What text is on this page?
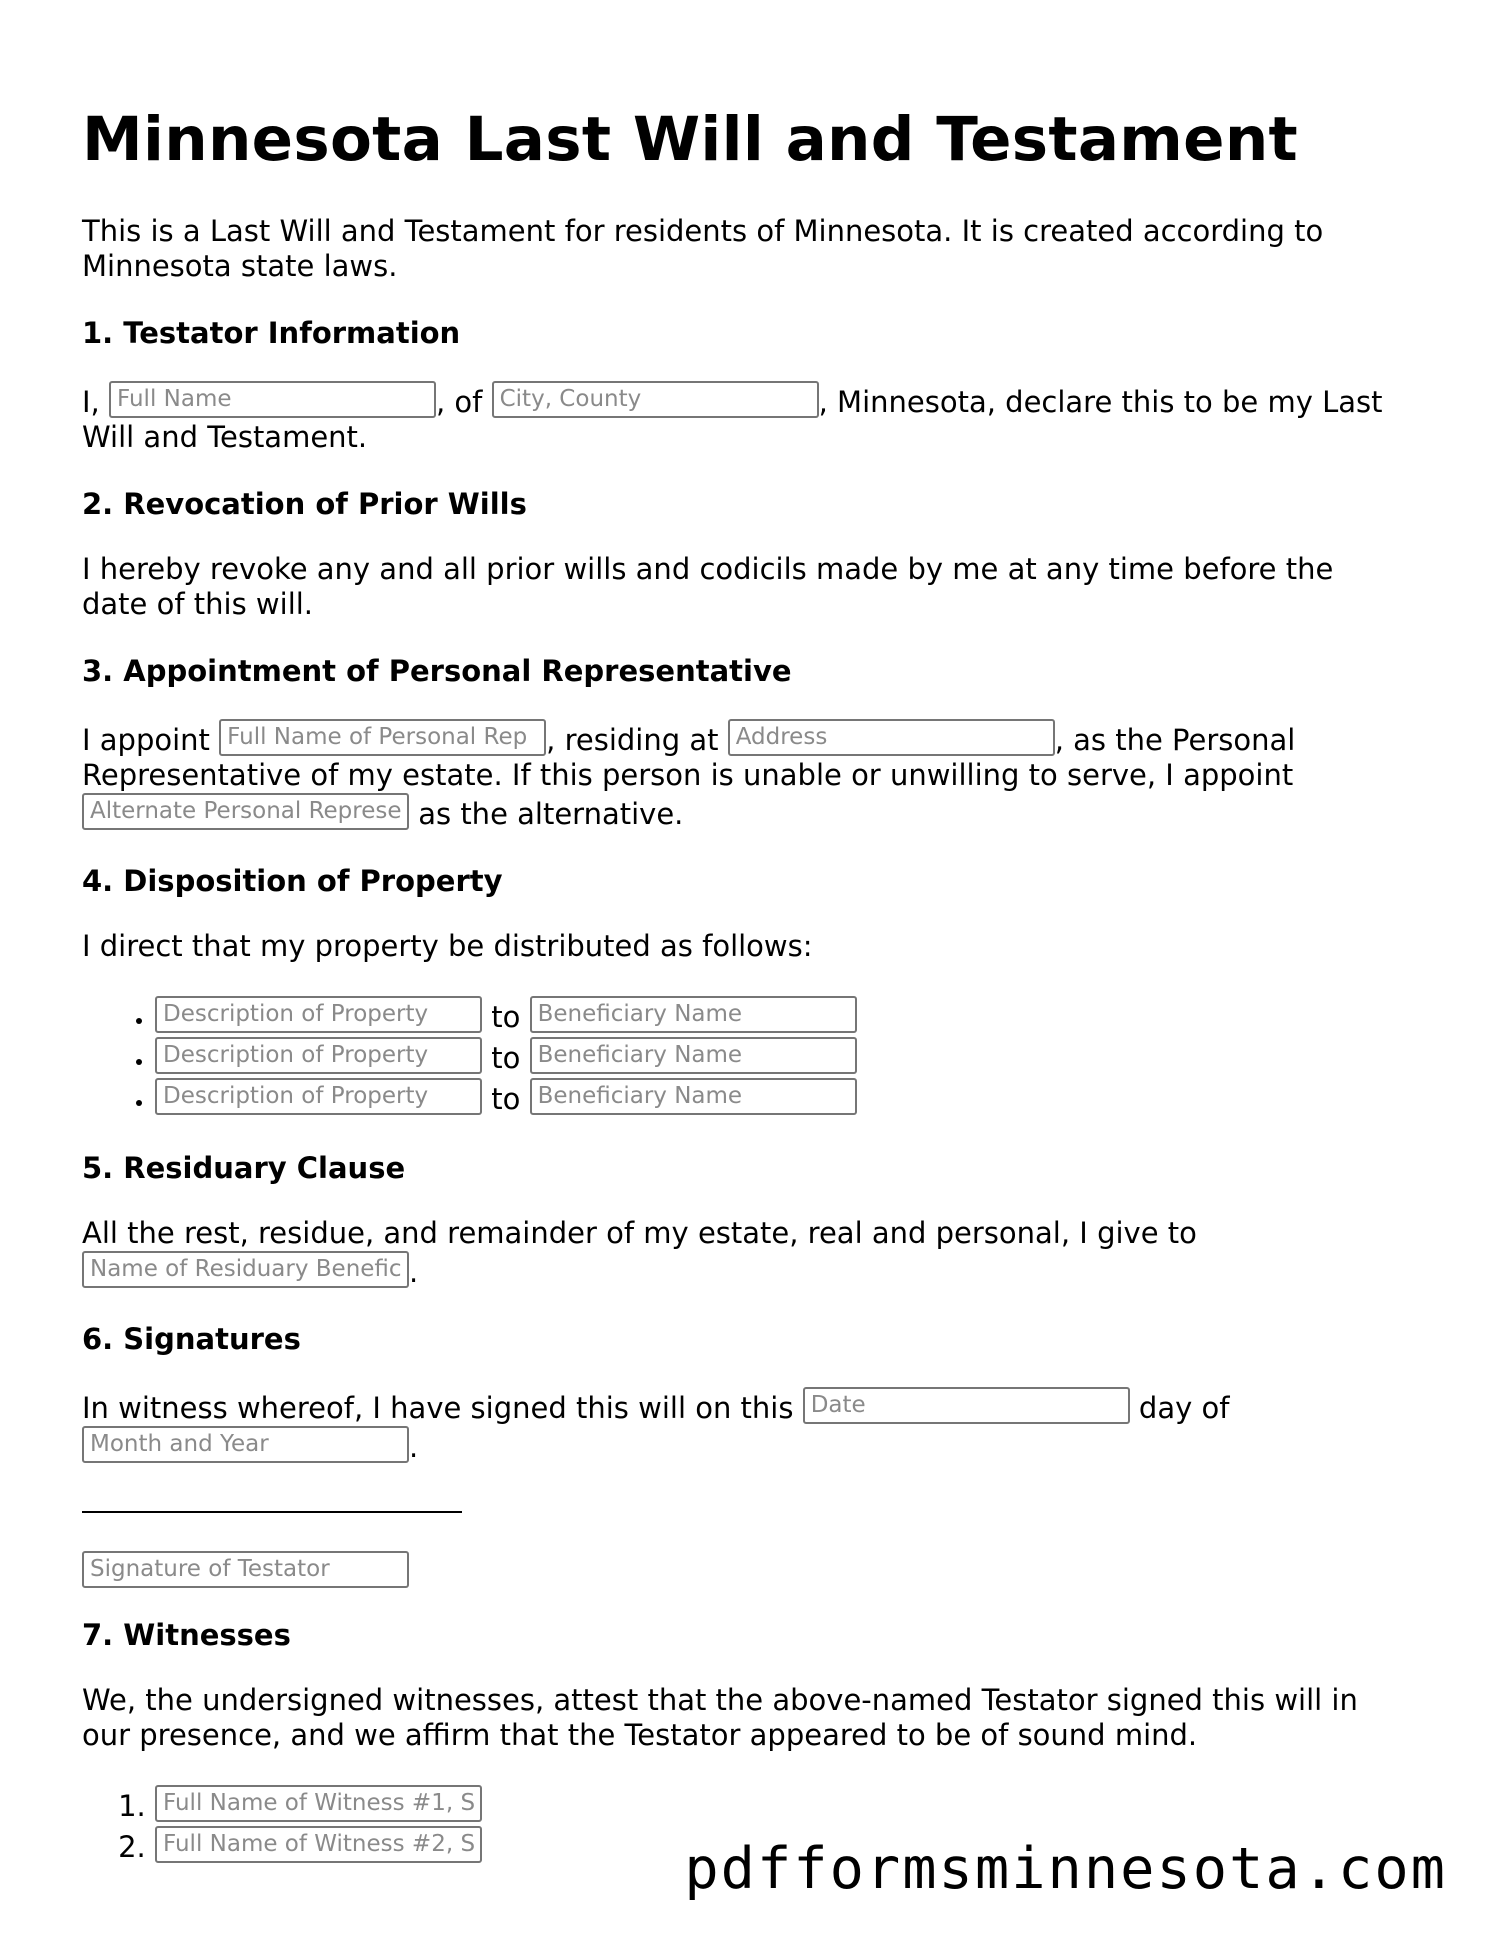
Minnesota Last Will and Testament

This is a Last Will and Testament for residents of Minnesota. It is created according to Minnesota state laws.

1. Testator Information

I, Full Name	, of City, County	, Minnesota, declare this to be my Last Will and Testament.

2. Revocation of Prior Wills

I hereby revoke any and all prior wills and codicils made by me at any time before the date of this will.

3. Appointment of Personal Representative

I appoint Full Name of Personal Rep , residing at Address	, as the Personal Representative of my estate. If this person is unable or unwilling to serve, I appoint Alternate Personal Represe as the alternative.

4. Disposition of Property

I direct that my property be distributed as follows:

• Description of Property to Beneficiary Name
• Description of Property to Beneficiary Name
• Description of Property to Beneficiary Name
5. Residuary Clause

All the rest, residue, and remainder of my estate, real and personal, I give to Name of Residuary Benefic .

6. Signatures

In witness whereof, I have signed this will on this Date	day of Month and Year	.

Signature of Testator
7. Witnesses

We, the undersigned witnesses, attest that the above-named Testator signed this will in our presence, and we affirm that the Testator appeared to be of sound mind.

1. Full Name of Witness #1, S
2. Full Name of Witness #2, S	pdfformsminnesota.com
